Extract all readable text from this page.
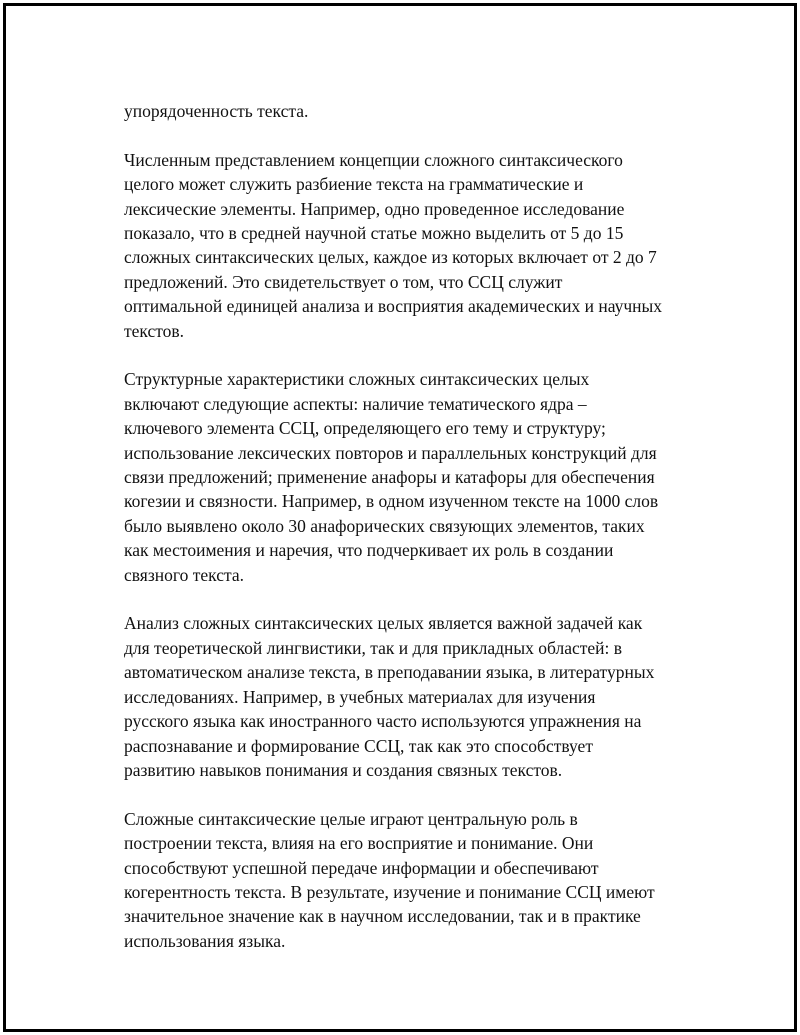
упорядоченность текста.

Численным представлением концепции сложного синтаксического
целого может служить разбиение текста на грамматические и
лексические элементы. Например, одно проведенное исследование
показало, что в средней научной статье можно выделить от 5 до 15
сложных синтаксических целых, каждое из которых включает от 2 до 7
предложений. Это свидетельствует о том, что ССЦ служит
оптимальной единицей анализа и восприятия академических и научных
текстов.

Структурные характеристики сложных синтаксических целых
включают следующие аспекты: наличие тематического ядра –
ключевого элемента ССЦ, определяющего его тему и структуру;
использование лексических повторов и параллельных конструкций для
связи предложений; применение анафоры и катафоры для обеспечения
когезии и связности. Например, в одном изученном тексте на 1000 слов
было выявлено около 30 анафорических связующих элементов, таких
как местоимения и наречия, что подчеркивает их роль в создании
связного текста.

Анализ сложных синтаксических целых является важной задачей как
для теоретической лингвистики, так и для прикладных областей: в
автоматическом анализе текста, в преподавании языка, в литературных
исследованиях. Например, в учебных материалах для изучения
русского языка как иностранного часто используются упражнения на
распознавание и формирование ССЦ, так как это способствует
развитию навыков понимания и создания связных текстов.

Сложные синтаксические целые играют центральную роль в
построении текста, влияя на его восприятие и понимание. Они
способствуют успешной передаче информации и обеспечивают
когерентность текста. В результате, изучение и понимание ССЦ имеют
значительное значение как в научном исследовании, так и в практике
использования языка.
